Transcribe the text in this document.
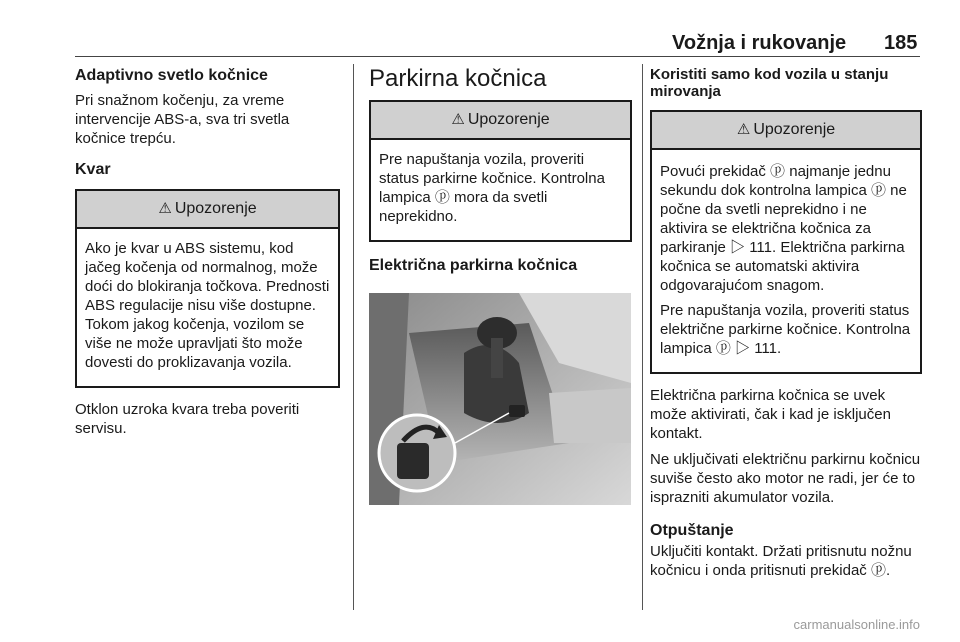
Vožnja i rukovanje 185
Adaptivno svetlo kočnice

Pri snažnom kočenju, za vreme intervencije ABS-a, sva tri svetla kočnice trepću.

Kvar
⚠ Upozorenje

Ako je kvar u ABS sistemu, kod jačeg kočenja od normalnog, može doći do blokiranja točkova. Prednosti ABS regulacije nisu više dostupne. Tokom jakog kočenja, vozilom se više ne može upravljati što može dovesti do proklizavanja vozila.

Otklon uzroka kvara treba poveriti servisu.

Parkirna kočnica
⚠ Upozorenje

Pre napuštanja vozila, proveriti status parkirne kočnice. Kontrolna lampica ⓟ mora da svetli neprekidno.

Električna parkirna kočnica
Koristiti samo kod vozila u stanju mirovanja
⚠ Upozorenje

Povući prekidač ⓟ najmanje jednu sekundu dok kontrolna lampica ⓟ ne počne da svetli neprekidno i ne aktivira se električna kočnica za parkiranje ▷ 111. Električna parkirna kočnica se automatski aktivira odgovarajućom snagom.

Pre napuštanja vozila, proveriti status električne parkirne kočnice. Kontrolna lampica ⓟ ▷ 111.

Električna parkirna kočnica se uvek može aktivirati, čak i kad je isključen kontakt.

Ne uključivati električnu parkirnu kočnicu suviše često ako motor ne radi, jer će to isprazniti akumulator vozila.

Otpuštanje

Uključiti kontakt. Držati pritisnutu nožnu kočnicu i onda pritisnuti prekidač ⓟ.

carmanualsonline.info
